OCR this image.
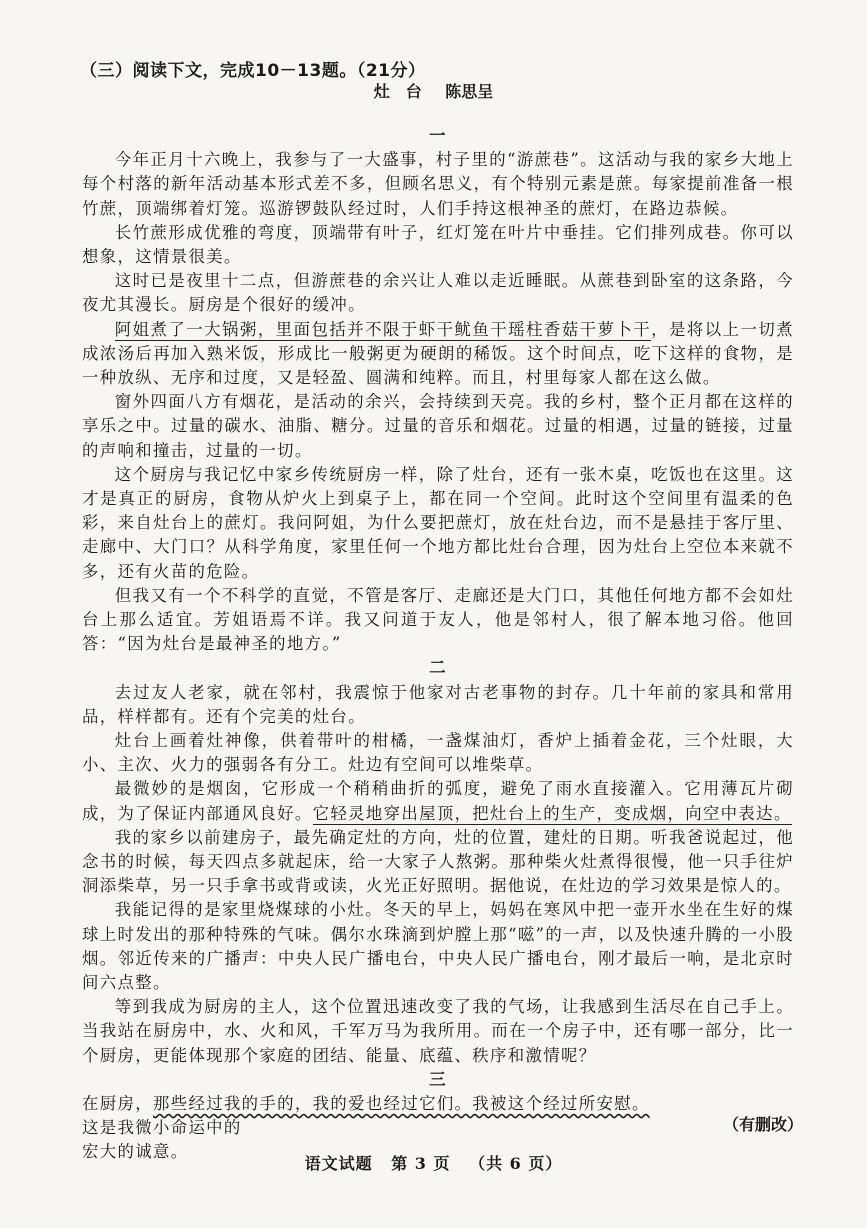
（三）阅读下文，完成10－13题。（21分）
灶　台 陈思呈

一

今年正月十六晚上，我参与了一大盛事，村子里的“游蔗巷”。这活动与我的家乡大地上每个村落的新年活动基本形式差不多，但顾名思义，有个特别元素是蔗。每家提前准备一根竹蔗，顶端绑着灯笼。巡游锣鼓队经过时，人们手持这根神圣的蔗灯，在路边恭候。

长竹蔗形成优雅的弯度，顶端带有叶子，红灯笼在叶片中垂挂。它们排列成巷。你可以想象，这情景很美。

这时已是夜里十二点，但游蔗巷的余兴让人难以走近睡眠。从蔗巷到卧室的这条路，今夜尤其漫长。厨房是个很好的缓冲。

阿姐煮了一大锅粥，里面包括并不限于虾干鱿鱼干瑶柱香菇干萝卜干，是将以上一切煮成浓汤后再加入熟米饭，形成比一般粥更为硬朗的稀饭。这个时间点，吃下这样的食物，是一种放纵、无序和过度，又是轻盈、圆满和纯粹。而且，村里每家人都在这么做。

窗外四面八方有烟花，是活动的余兴，会持续到天亮。我的乡村，整个正月都在这样的享乐之中。过量的碳水、油脂、糖分。过量的音乐和烟花。过量的相遇，过量的链接，过量的声响和撞击，过量的一切。

这个厨房与我记忆中家乡传统厨房一样，除了灶台，还有一张木桌，吃饭也在这里。这才是真正的厨房，食物从炉火上到桌子上，都在同一个空间。此时这个空间里有温柔的色彩，来自灶台上的蔗灯。我问阿姐，为什么要把蔗灯，放在灶台边，而不是悬挂于客厅里、走廊中、大门口？从科学角度，家里任何一个地方都比灶台合理，因为灶台上空位本来就不多，还有火苗的危险。

但我又有一个不科学的直觉，不管是客厅、走廊还是大门口，其他任何地方都不会如灶台上那么适宜。芳姐语焉不详。我又问道于友人，他是邻村人，很了解本地习俗。他回答：“因为灶台是最神圣的地方。”

二

去过友人老家，就在邻村，我震惊于他家对古老事物的封存。几十年前的家具和常用品，样样都有。还有个完美的灶台。

灶台上画着灶神像，供着带叶的柑橘，一盏煤油灯，香炉上插着金花，三个灶眼，大小、主次、火力的强弱各有分工。灶边有空间可以堆柴草。

最微妙的是烟囱，它形成一个稍稍曲折的弧度，避免了雨水直接灌入。它用薄瓦片砌成，为了保证内部通风良好。它轻灵地穿出屋顶，把灶台上的生产，变成烟，向空中表达。

我的家乡以前建房子，最先确定灶的方向，灶的位置，建灶的日期。听我爸说起过，他念书的时候，每天四点多就起床，给一大家子人熬粥。那种柴火灶煮得很慢，他一只手往炉洞添柴草，另一只手拿书或背或读，火光正好照明。据他说，在灶边的学习效果是惊人的。

我能记得的是家里烧煤球的小灶。冬天的早上，妈妈在寒风中把一壶开水坐在生好的煤球上时发出的那种特殊的气味。偶尔水珠滴到炉膛上那“嗞”的一声，以及快速升腾的一小股烟。邻近传来的广播声：中央人民广播电台，中央人民广播电台，刚才最后一响，是北京时间六点整。

等到我成为厨房的主人，这个位置迅速改变了我的气场，让我感到生活尽在自己手上。当我站在厨房中，水、火和风，千军万马为我所用。而在一个房子中，还有哪一部分，比一个厨房，更能体现那个家庭的团结、能量、底蕴、秩序和激情呢？

三

在厨房，那些经过我的手的，我的爱也经过它们。我被这个经过所安慰。

这是我微小命运中的

宏大的诚意。

（有删改）
语文试题 第 3 页 （共 6 页）
